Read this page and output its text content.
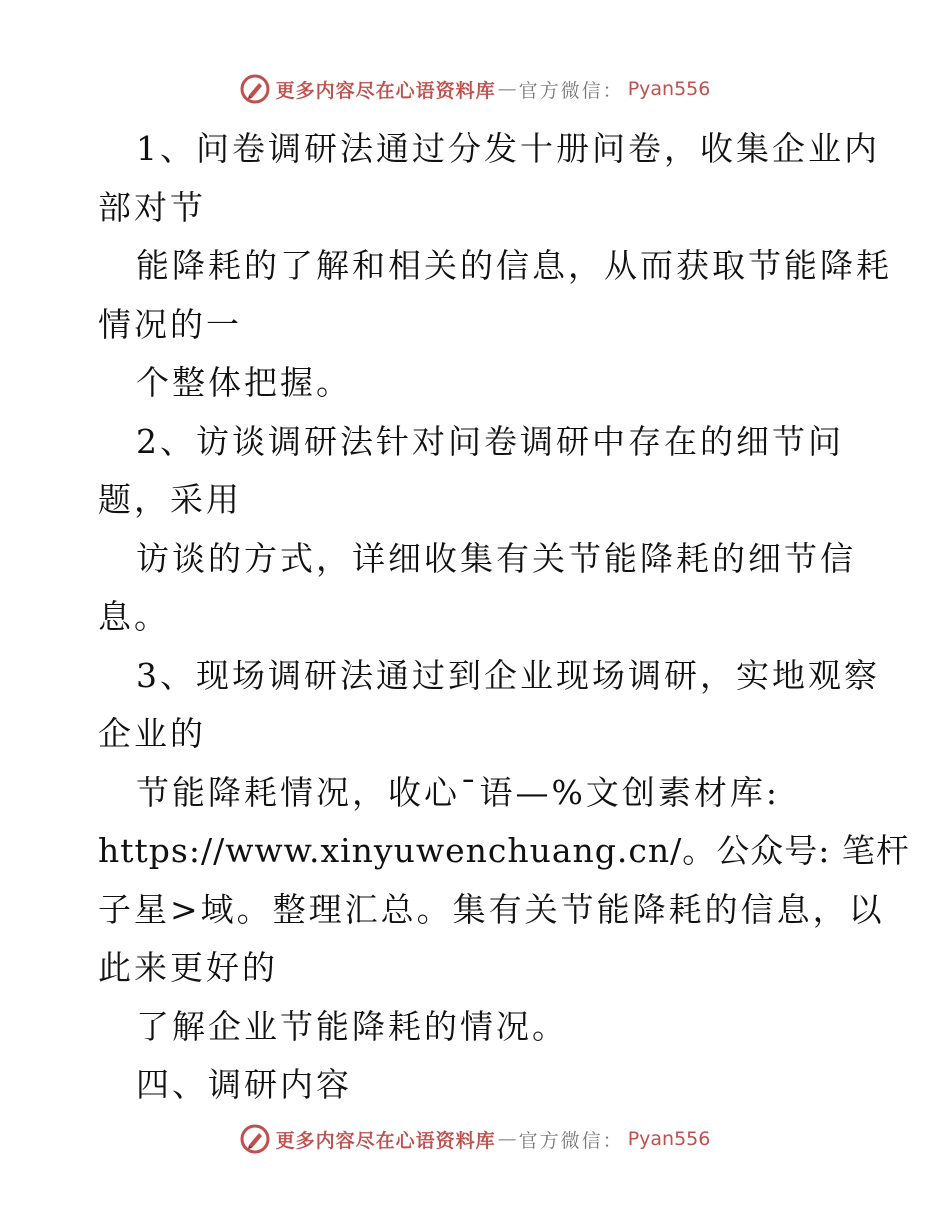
更多内容尽在心语资料库 — 官方微信： Pyan556
1、问卷调研法通过分发十册问卷，收集企业内
部对节
能降耗的了解和相关的信息，从而获取节能降耗
情况的一
个整体把握。
2、访谈调研法针对问卷调研中存在的细节问
题，采用
访谈的方式，详细收集有关节能降耗的细节信
息。
3、现场调研法通过到企业现场调研，实地观察
企业的
节能降耗情况，收心¯语—%文创素材库:
https://www.xinyuwenchuang.cn/。公众号: 笔杆
子星>域。整理汇总。集有关节能降耗的信息，以
此来更好的
了解企业节能降耗的情况。
四、调研内容
更多内容尽在心语资料库 — 官方微信： Pyan556
